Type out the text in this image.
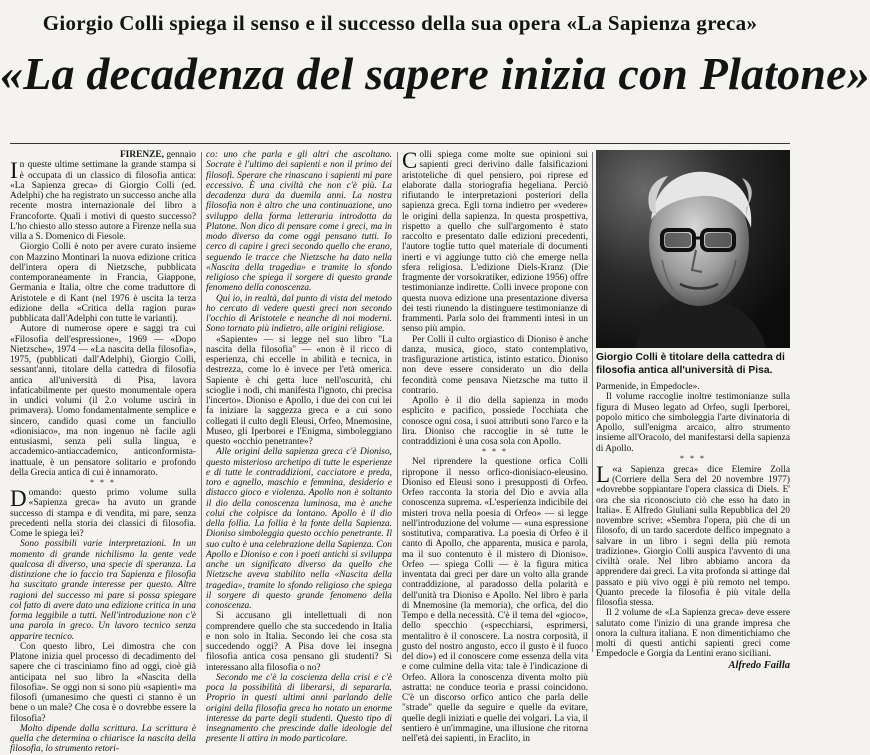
Giorgio Colli spiega il senso e il successo della sua opera «La Sapienza greca»
«La decadenza del sapere inizia con Platone»

FIRENZE, gennaio

In queste ultime settimane la grande stampa si è occupata di un classico di filosofia antica: «La Sapienza greca» di Giorgio Colli (ed. Adelphi) che ha registrato un successo anche alla recente mostra internazionale del libro a Francoforte. Quali i motivi di questo successo? L'ho chiesto allo stesso autore a Firenze nella sua villa a S. Domenico di Fiesole.

Giorgio Colli è noto per avere curato insieme con Mazzino Montinari la nuova edizione critica dell'intera opera di Nietzsche, pubblicata contemporaneamente in Francia, Giappone, Germania e Italia, oltre che come traduttore di Aristotele e di Kant (nel 1976 è uscita la terza edizione della «Critica della ragion pura» pubblicata dall'Adelphi con tutte le varianti).

Autore di numerose opere e saggi tra cui «Filosofia dell'espressione», 1969 — «Dopo Nietzsche», 1974 — «La nascita della filosofia», 1975, (pubblicati dall'Adelphi), Giorgio Colli, sessant'anni, titolare della cattedra di filosofia antica all'università di Pisa, lavora infaticabilmente per questo monumentale opera in undici volumi (il 2.o volume uscirà in primavera). Uomo fondamentalmente semplice e sincero, candido quasi come un fanciullo «dionisiaco», ma non ingenuo nè facile agli entusiasmi, senza peli sulla lingua, e accademico-antiaccademico, anticonformista-inattuale, è un pensatore solitario e profondo della Grecia antica di cui è innamorato.

* * *

Domando: questo primo volume sulla «Sapienza greca» ha avuto un grande successo di stampa e di vendita, mi pare, senza precedenti nella storia dei classici di filosofia. Come le spiega lei?

Sono possibili varie interpretazioni. In un momento di grande nichilismo la gente vede qualcosa di diverso, una specie di speranza. La distinzione che io faccio tra Sapienza e filosofia ha suscitato grande interesse per questo. Altre ragioni del successo mi pare si possa spiegare col fatto di avere dato una edizione critica in una forma leggibile a tutti. Nell'introduzione non c'è una parola in greco. Un lavoro tecnico senza apparire tecnico.

Con questo libro, Lei dimostra che con Platone inizia quel processo di decadimento del sapere che ci trasciniamo fino ad oggi, cioè già anticipata nel suo libro la «Nascita della filosofia». Se oggi non si sono più «sapienti» ma filosofi (umanesimo che questi ci stanno è un bene o un male? Che cosa è o dovrebbe essere la filosofia?

Molto dipende dalla scrittura. La scrittura è quella che determina o chiarisce la nascita della filosofia, lo strumento retori-

co: uno che parla e gli altri che ascoltano. Socrate è l'ultimo dei sapienti e non il primo dei filosofi. Sperare che rinascano i sapienti mi pare eccessivo. È una civiltà che non c'è più. La decadenza dura da duemila anni. La nostra filosofia non è altro che una continuazione, uno sviluppo della forma letteraria introdotta da Platone. Non dico di pensare come i greci, ma in modo diverso da come oggi pensano tutti. Io cerco di capire i greci secondo quello che erano, seguendo le tracce che Nietzsche ha dato nella «Nascita della tragedia» e tramite lo sfondo religioso che spiega il sorgere di questo grande fenomeno della conoscenza.

Qui io, in realtà, dal punto di vista del metodo ho cercato di vedere questi greci non secondo l'occhio di Aristotele e neanche di noi moderni. Sono tornato più indietro, alle origini religiose.

«Sapiente» — si legge nel suo libro "La nascita della filosofia" — «non è il ricco di esperienza, chi eccelle in abilità e tecnica, in destrezza, come lo è invece per l'età omerica. Sapiente è chi getta luce nell'oscurità, chi scioglie i nodi, chi manifesta l'ignoto, chi precisa l'incerto». Dioniso e Apollo, i due dei con cui lei fa iniziare la saggezza greca e a cui sono collegati il culto degli Eleusi, Orfeo, Mnemosine, Museo, gli Iperborei e l'Enigma, simboleggiano questo «occhio penetrante»?

Alle origini della sapienza greca c'è Dioniso, questo misterioso archetipo di tutte le esperienze e di tutte le contraddizioni, cacciatore e preda, toro e agnello, maschio e femmina, desiderio e distacco gioco e violenza. Apollo non è soltanto il dio della conoscenza luminosa, ma è anche colui che colpisce da lontano. Apollo è il dio della follia. La follia è la fonte della Sapienza. Dioniso simboleggia questo occhio penetrante. Il suo culto è una celebrazione della Sapienza. Con Apollo e Dioniso e con i poeti antichi si sviluppa anche un significato diverso da quello che Nietzsche aveva stabilito nella «Nascita della tragedia», tramite lo sfondo religioso che spiega il sorgere di questo grande fenomeno della conoscenza.

Si accusano gli intellettuali di non comprendere quello che sta succedendo in Italia e non solo in Italia. Secondo lei che cosa sta succedendo oggi? A Pisa dove lei insegna filosofia antica cosa pensano gli studenti? Si interessano alla filosofia o no?

Secondo me c'è la coscienza della crisi e c'è poca la possibilità di liberarsi, di separarla. Proprio in questi ultimi anni parlando delle origini della filosofia greca ho notato un enorme interesse da parte degli studenti. Questo tipo di insegnamento che prescinde dalle ideologie del presente li attira in modo particolare.

Colli spiega come molte sue opinioni sui sapienti greci derivino dalle falsificazioni aristoteliche di quel pensiero, poi riprese ed elaborate dalla storiografia hegeliana. Perciò rifiutando le interpretazioni posteriori della sapienza greca. Egli torna indietro per «vedere» le origini della sapienza. In questa prospettiva, rispetto a quello che sull'argomento è stato raccolto e presentato dalle edizioni precedenti, l'autore toglie tutto quel materiale di documenti inerti e vi aggiunge tutto ciò che emerge nella sfera religiosa. L'edizione Diels-Kranz (Die fragmente der vorsokratiker, edizione 1956) offre testimonianze indirette. Colli invece propone con questa nuova edizione una presentazione diversa dei testi riunendo la distinguere testimonianze di frammenti. Parla solo dei frammenti intesi in un senso più ampio.

Per Colli il culto orgiastico di Dioniso è anche danza, musica, gioco, stato contemplativo, trasfigurazione artistica, istinto estatico. Dioniso non deve essere considerato un dio della fecondità come pensava Nietzsche ma tutto il contrario.

Apollo è il dio della sapienza in modo esplicito e pacifico, possiede l'occhiata che conosce ogni cosa, i suoi attributi sono l'arco e la lira. Dioniso che raccoglie in sè tutte le contraddizioni è una cosa sola con Apollo.

* * *

Nel riprendere la questione orfica Colli ripropone il nesso orfico-dionisiaco-eleusino. Dioniso ed Eleusi sono i presupposti di Orfeo. Orfeo racconta la storia del Dio e avvia alla conoscenza suprema. «L'esperienza indicibile dei misteri trova nella poesia di Orfeo» — si legge nell'introduzione del volume — «una espressione sostitutiva, comparativa. La poesia di Orfeo è il canto di Apollo, che apparenta, musica e parola, ma il suo contenuto è il mistero di Dioniso». Orfeo — spiega Colli — è la figura mitica inventata dai greci per dare un volto alla grande contraddizione, al paradosso della polarità e dell'unità tra Dioniso e Apollo. Nel libro è parla di Mnemosine (la memoria), che orfica, del dio Tempo e della necessità. C'è il tema del «gioco», dello specchio («specchiarsi, esprimersi, mentalitro è il conoscere. La nostra corposità, il gusto del nostro angusto, ecco il gusto è il fuoco del dio») ed il conoscere come essenza della vita e come culmine della vita: tale è l'indicazione di Orfeo. Allora la conoscenza diventa molto più astratta: ne conduce teoria e prassi coincidono. C'è un discorso orfico antico che parla delle "strade" quelle da seguire e quelle da evitare, quelle degli iniziati e quelle dei volgari. La via, il sentiero è un'immagine, una illusione che ritorna nell'età dei sapienti, in Eraclito, in

Giorgio Colli è titolare della cattedra di filosofia antica all'università di Pisa.

Parmenide, in Empedocle».

Il volume raccoglie inoltre testimonianze sulla figura di Museo legato ad Orfeo, sugli Iperborei, popolo mitico che simboleggia l'arte divinatoria di Apollo, sull'enigma arcaico, altro strumento insieme all'Oracolo, del manifestarsi della sapienza di Apollo.

* * *

«
L a Sapienza greca» dice Elemire Zolla (Corriere della Sera del 20 novembre 1977) «dovrebbe soppiantare l'opera classica di Diels. E' ora che sia riconosciuto ciò che esso ha dato in Italia». E Alfredo Giuliani sulla Repubblica del 20 novembre scrive: «Sembra l'opera, più che di un filosofo, di un tardo sacerdote delfico impegnato a salvare in un libro i segni della più remota tradizione». Giorgio Colli auspica l'avvento di una civiltà orale. Nel libro abbiamo ancora da apprendere dai greci. La vita profonda si attinge dal passato e più vivo oggi è più remoto nel tempo. Quanto precede la filosofia è più vitale della filosofia stessa.

Il 2 volume de «La Sapienza greca» deve essere salutato come l'inizio di una grande impresa che onora la cultura italiana. E non dimentichiamo che molti di questi antichi sapienti greci come Empedocle e Gorgia da Lentini erano siciliani.

Alfredo Failla
